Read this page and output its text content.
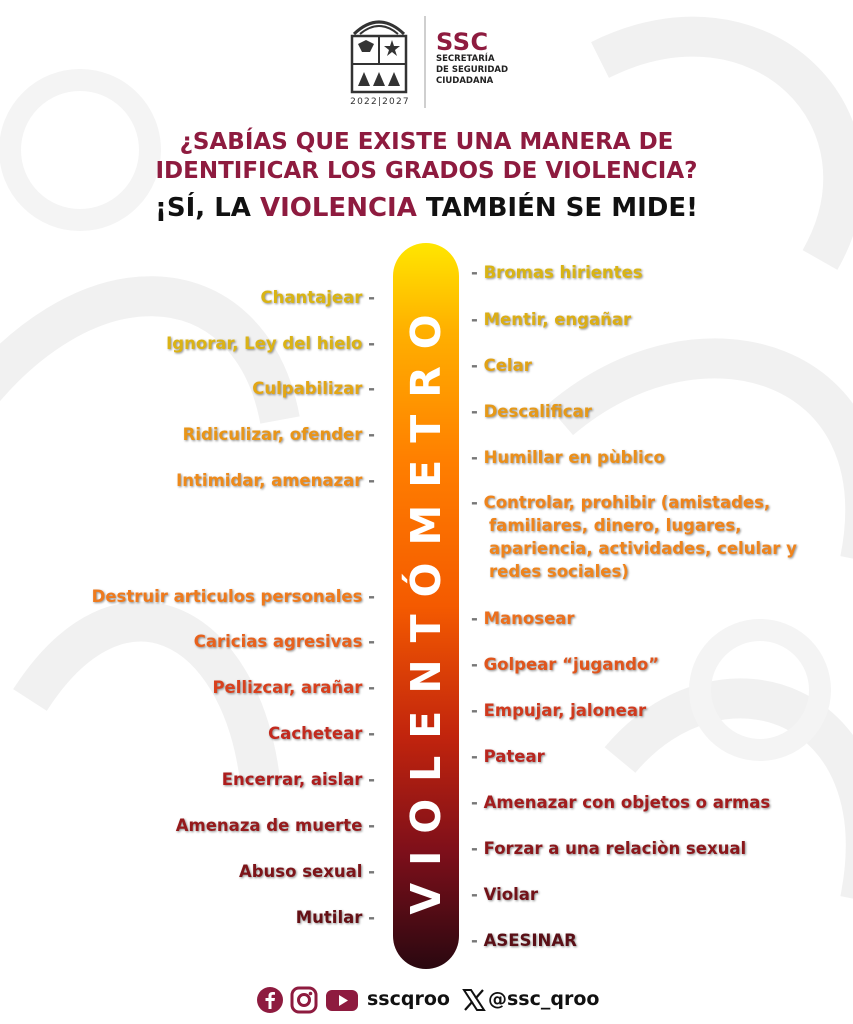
2022|2027
SSC
SECRETARÍA
DE SEGURIDAD
CIUDADANA
¿SABÍAS QUE EXISTE UNA MANERA DE
IDENTIFICAR LOS GRADOS DE VIOLENCIA?
¡SÍ, LA VIOLENCIA TAMBIÉN SE MIDE!
VIOLENTÓMETRO
Chantajear -
Ignorar, Ley del hielo -
Culpabilizar -
Ridiculizar, ofender -
Intimidar, amenazar -
Destruir articulos personales -
Caricias agresivas -
Pellizcar, arañar -
Cachetear -
Encerrar, aislar -
Amenaza de muerte -
Abuso sexual -
Mutilar -
- Bromas hirientes
- Mentir, engañar
- Celar
- Descalificar
- Humillar en pùblico
- Controlar, prohibir (amistades,
familiares, dinero, lugares,
apariencia, actividades, celular y
redes sociales)
- Manosear
- Golpear “jugando”
- Empujar, jalonear
- Patear
- Amenazar con objetos o armas
- Forzar a una relaciòn sexual
- Violar
- ASESINAR
sscqroo @ssc_qroo
